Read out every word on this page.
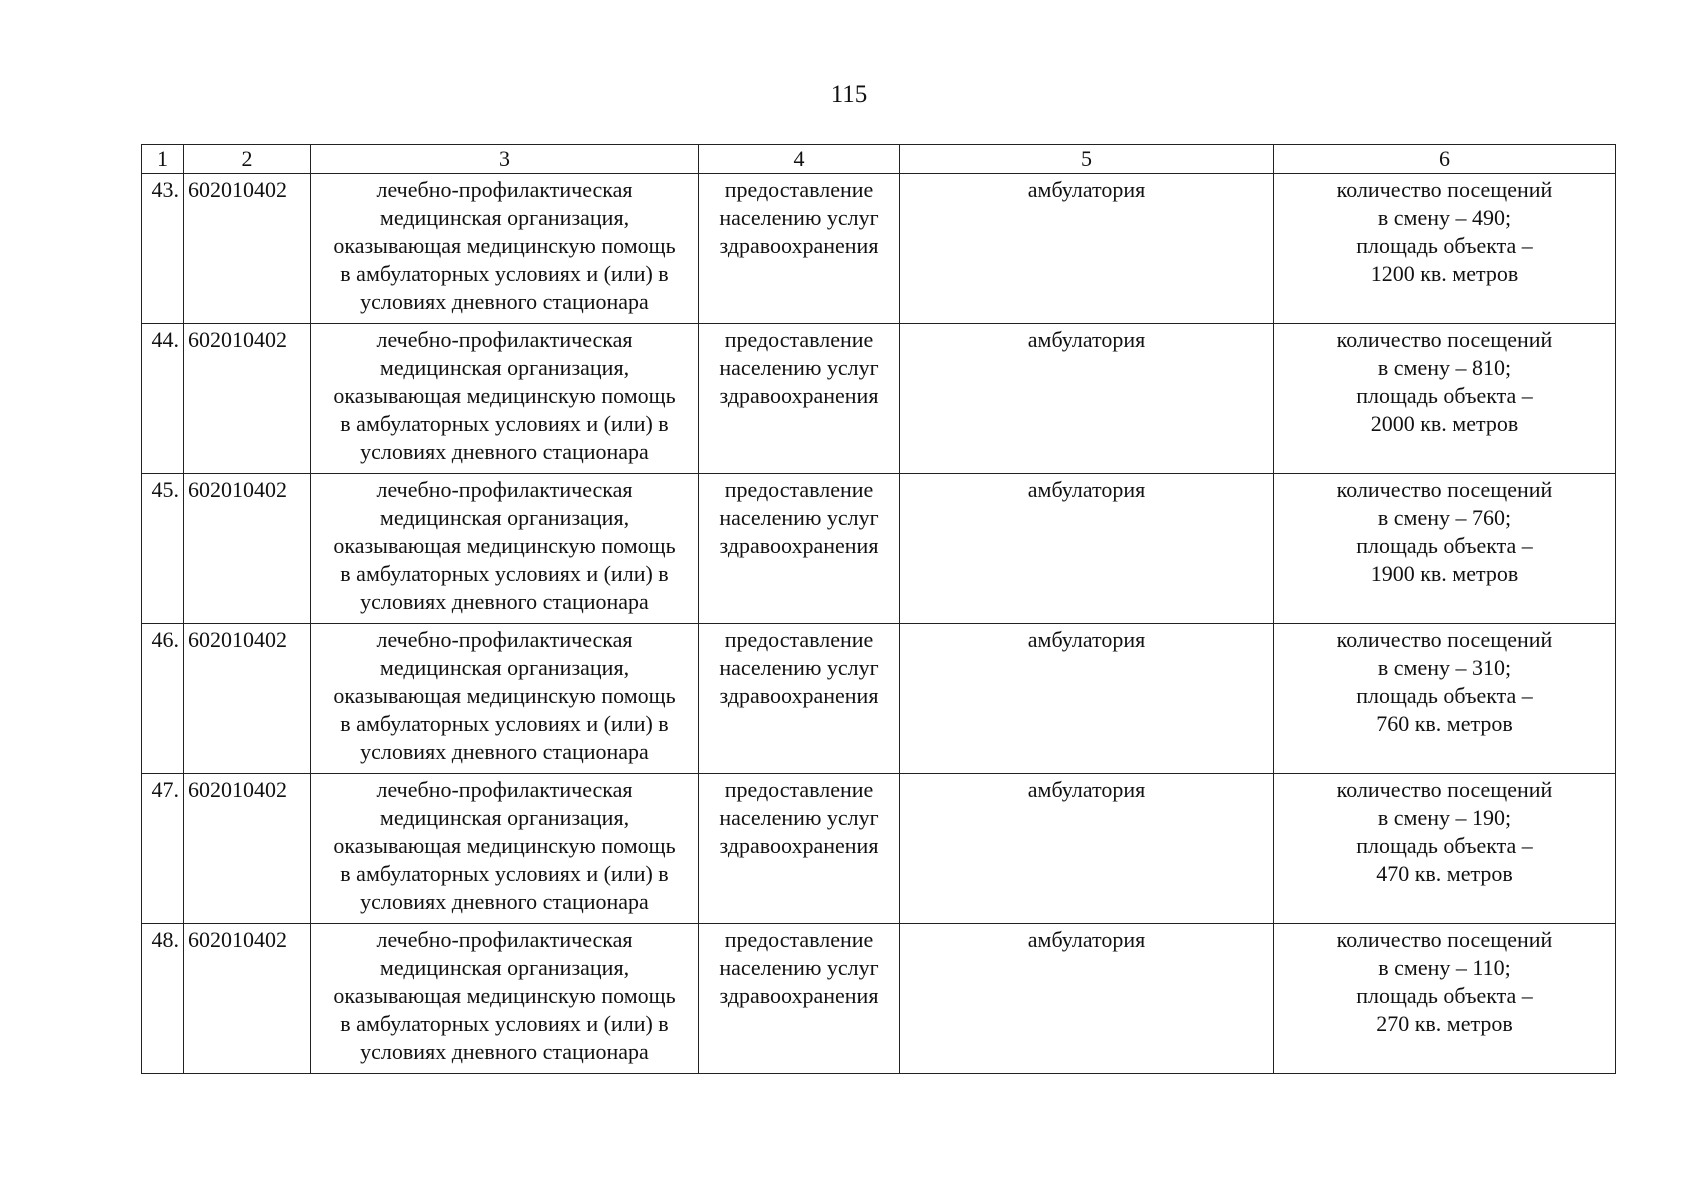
115
1	2	3	4	5	6
43.	602010402	лечебно-профилактическая
медицинская организация,
оказывающая медицинскую помощь
в амбулаторных условиях и (или) в
условиях дневного стационара	предоставление
населению услуг
здравоохранения	амбулатория	количество посещений
в смену – 490;
площадь объекта –
1200 кв. метров

44.	602010402	лечебно-профилактическая
медицинская организация,
оказывающая медицинскую помощь
в амбулаторных условиях и (или) в
условиях дневного стационара	предоставление
населению услуг
здравоохранения	амбулатория	количество посещений
в смену – 810;
площадь объекта –
2000 кв. метров

45.	602010402	лечебно-профилактическая
медицинская организация,
оказывающая медицинскую помощь
в амбулаторных условиях и (или) в
условиях дневного стационара	предоставление
населению услуг
здравоохранения	амбулатория	количество посещений
в смену – 760;
площадь объекта –
1900 кв. метров

46.	602010402	лечебно-профилактическая
медицинская организация,
оказывающая медицинскую помощь
в амбулаторных условиях и (или) в
условиях дневного стационара	предоставление
населению услуг
здравоохранения	амбулатория	количество посещений
в смену – 310;
площадь объекта –
760 кв. метров

47.	602010402	лечебно-профилактическая
медицинская организация,
оказывающая медицинскую помощь
в амбулаторных условиях и (или) в
условиях дневного стационара	предоставление
населению услуг
здравоохранения	амбулатория	количество посещений
в смену – 190;
площадь объекта –
470 кв. метров

48.	602010402	лечебно-профилактическая
медицинская организация,
оказывающая медицинскую помощь
в амбулаторных условиях и (или) в
условиях дневного стационара	предоставление
населению услуг
здравоохранения	амбулатория	количество посещений
в смену – 110;
площадь объекта –
270 кв. метров
